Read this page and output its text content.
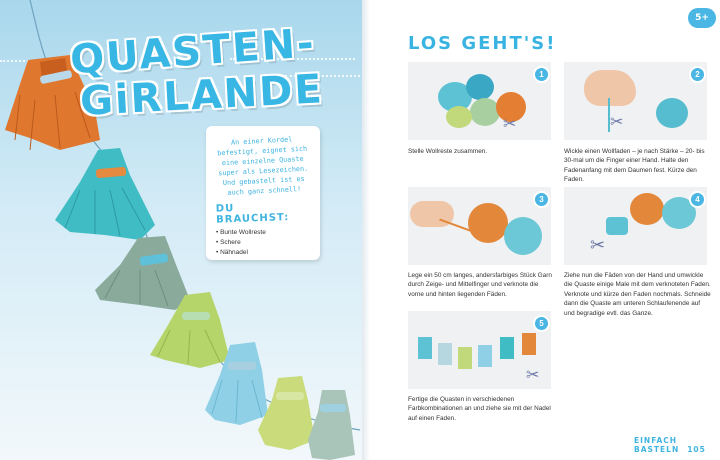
QUASTEN-
GiRLANDE
An einer Kordel befestigt, eignet sich eine einzelne Quaste super als Lesezeichen. Und gebastelt ist es auch ganz schnell!
DU BRAUCHST:
• Bunte Wollreste
• Schere
• Nähnadel
5+
LOS GEHT'S!
✂
1
Stelle Wollreste zusammen.
✂
2
Wickle einen Wollfaden – je nach Stärke – 20- bis 30-mal um die Finger einer Hand. Halte den Fadenanfang mit dem Daumen fest. Kürze den Faden.
3
Lege ein 50 cm langes, andersfarbiges Stück Garn durch Zeige- und Mittelfinger und verknote die vorne und hinten liegenden Fäden.
✂
4
Ziehe nun die Fäden von der Hand und umwickle die Quaste einige Male mit dem verknoteten Faden. Verknote und kürze den Faden nochmals. Schneide dann die Quaste am unteren Schlaufenende auf und begradige evtl. das Ganze.
✂
5
Fertige die Quasten in verschiedenen Farbkombinationen an und ziehe sie mit der Nadel auf einen Faden.
EINFACH BASTELN 105
